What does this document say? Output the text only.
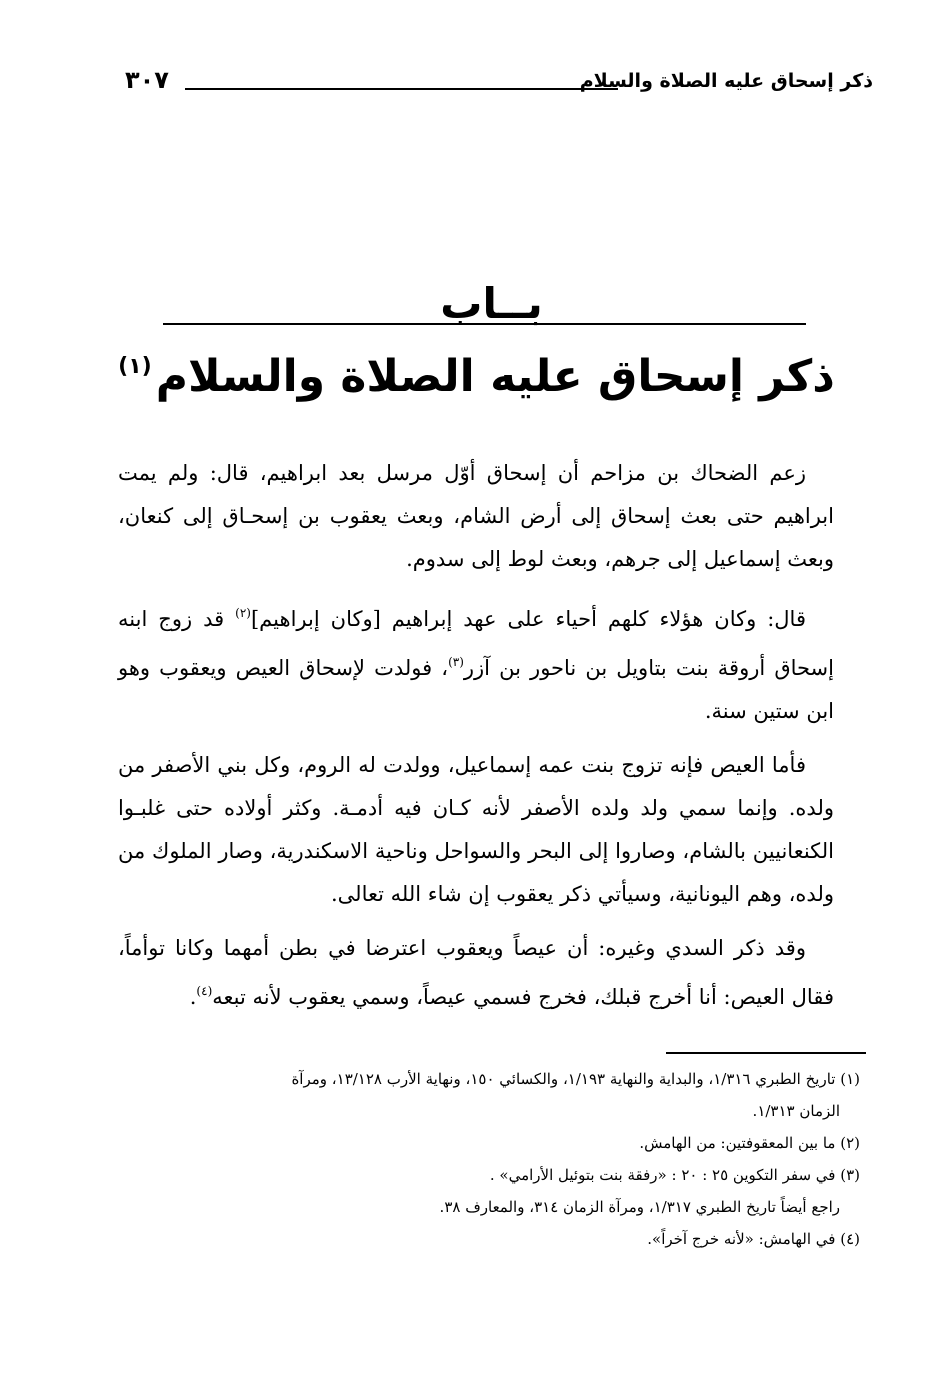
ذكر إسحاق عليه الصلاة والسلام
٣٠٧
بــاب
ذكر إسحاق عليه الصلاة والسلام$^{(١)}$

زعم الضحاك بن مزاحم أن إسحاق أوّل مرسل بعد ابراهيم، قال: ولم يمت ابراهيم حتى بعث إسحاق إلى أرض الشام، وبعث يعقوب بن إسحـاق إلى كنعان، وبعث إسماعيل إلى جرهم، وبعث لوط إلى سدوم.

قال: وكان هؤلاء كلهم أحياء على عهد إبراهيم [وكان إبراهيم]$^{(٢)}$ قد زوج ابنه إسحاق أروقة بنت بتاويل بن ناحور بن آزر$^{(٣)}$، فولدت لإسحاق العيص ويعقوب وهو ابن ستين سنة.

فأما العيص فإنه تزوج بنت عمه إسماعيل، وولدت له الروم، وكل بني الأصفر من ولده. وإنما سمي ولد ولده الأصفر لأنه كـان فيه أدمـة. وكثر أولاده حتى غلبـوا الكنعانيين بالشام، وصاروا إلى البحر والسواحل وناحية الاسكندرية، وصار الملوك من ولده، وهم اليونانية، وسيأتي ذكر يعقوب إن شاء الله تعالى.

وقد ذكر السدي وغيره: أن عيصاً ويعقوب اعترضا في بطن أمهما وكانا توأماً، فقال العيص: أنا أخرج قبلك، فخرج فسمي عيصاً، وسمي يعقوب لأنه تبعه$^{(٤)}$.

(١) تاريخ الطبري ١/٣١٦، والبداية والنهاية ١/١٩٣، والكسائي ١٥٠، ونهاية الأرب ١٣/١٢٨، ومرآة

الزمان ١/٣١٣.

(٢) ما بين المعقوفتين: من الهامش.

(٣) في سفر التكوين ٢٥ : ٢٠ : «رفقة بنت بتوئيل الأرامي» .

راجع أيضاً تاريخ الطبري ١/٣١٧، ومرآة الزمان ٣١٤، والمعارف ٣٨.

(٤) في الهامش: «لأنه خرج آخراً».
